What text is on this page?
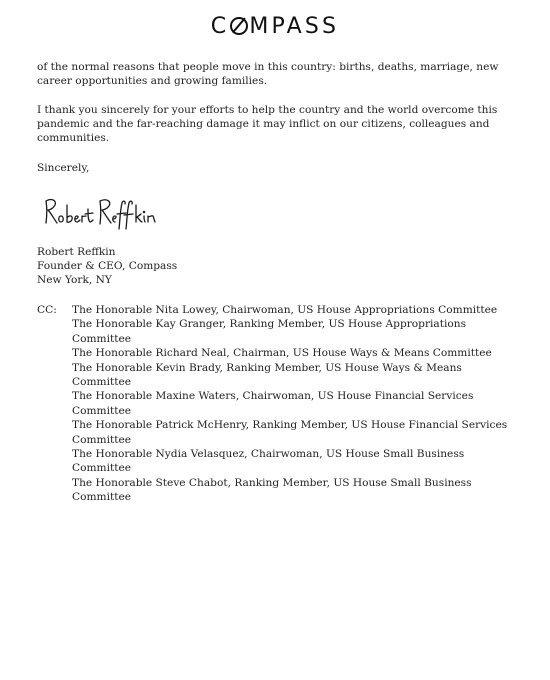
C MPASS
of the normal reasons that people move in this country: births, deaths, marriage, new career opportunities and growing families.
I thank you sincerely for your efforts to help the country and the world overcome this pandemic and the far-reaching damage it may inflict on our citizens, colleagues and communities.
Sincerely,
Robert Reffkin
Founder & CEO, Compass
New York, NY
CC: The Honorable Nita Lowey, Chairwoman, US House Appropriations Committee
The Honorable Kay Granger, Ranking Member, US House Appropriations Committee
The Honorable Richard Neal, Chairman, US House Ways & Means Committee
The Honorable Kevin Brady, Ranking Member, US House Ways & Means Committee
The Honorable Maxine Waters, Chairwoman, US House Financial Services Committee
The Honorable Patrick McHenry, Ranking Member, US House Financial Services Committee
The Honorable Nydia Velasquez, Chairwoman, US House Small Business Committee
The Honorable Steve Chabot, Ranking Member, US House Small Business Committee
